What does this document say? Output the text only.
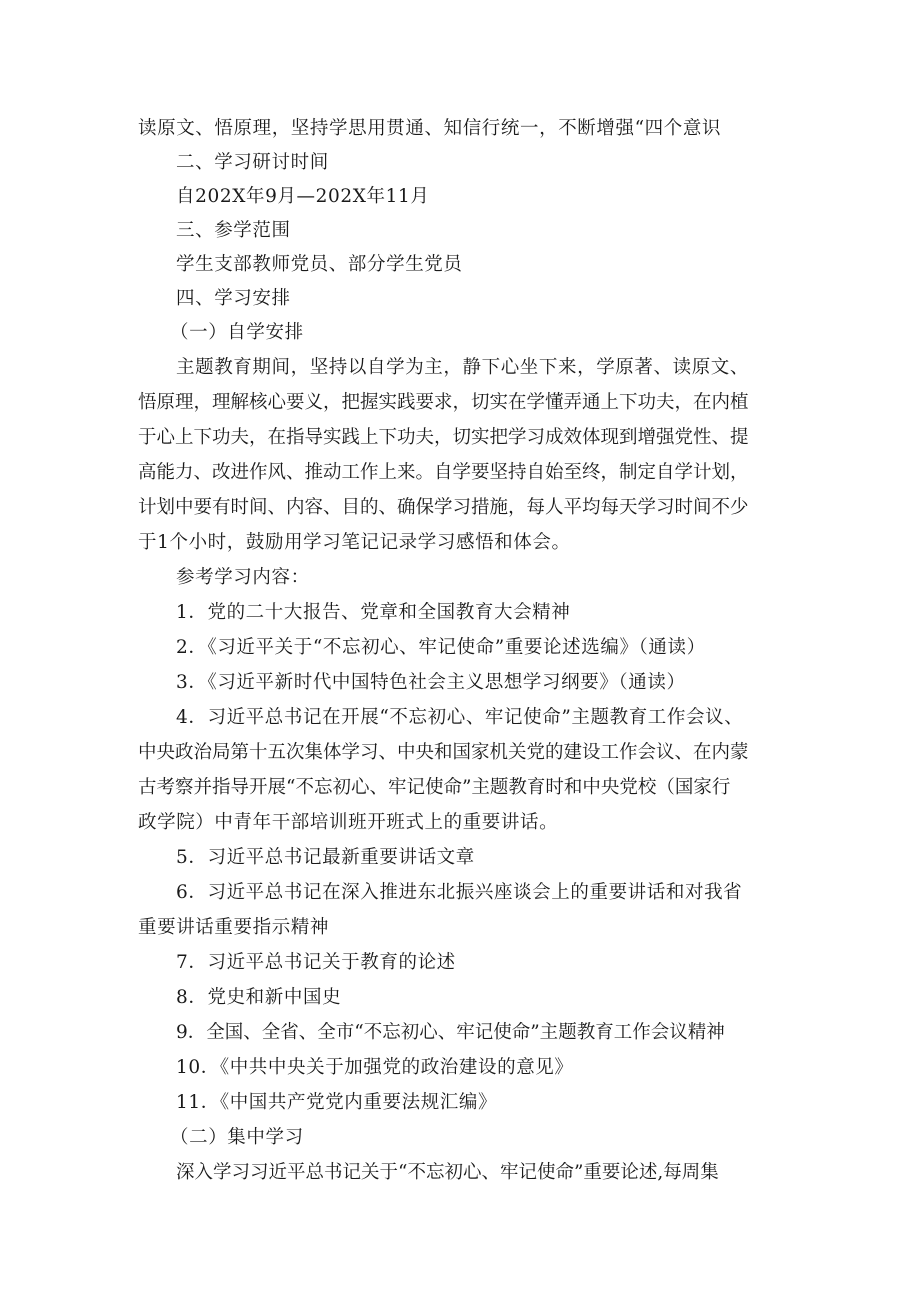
读原文、悟原理，坚持学思用贯通、知信行统一，不断增强“四个意识
二、学习研讨时间
自202X年9月—202X年11月
三、参学范围
学生支部教师党员、部分学生党员
四、学习安排
（一）自学安排
主题教育期间，坚持以自学为主，静下心坐下来，学原著、读原文、
悟原理，理解核心要义，把握实践要求，切实在学懂弄通上下功夫，在内植
于心上下功夫，在指导实践上下功夫，切实把学习成效体现到增强党性、提
高能力、改进作风、推动工作上来。自学要坚持自始至终，制定自学计划，
计划中要有时间、内容、目的、确保学习措施，每人平均每天学习时间不少
于1个小时，鼓励用学习笔记记录学习感悟和体会。
参考学习内容：
1．党的二十大报告、党章和全国教育大会精神
2．《习近平关于“不忘初心、牢记使命”重要论述选编》（通读）
3．《习近平新时代中国特色社会主义思想学习纲要》（通读）
4．习近平总书记在开展“不忘初心、牢记使命”主题教育工作会议、
中央政治局第十五次集体学习、中央和国家机关党的建设工作会议、在内蒙
古考察并指导开展“不忘初心、牢记使命”主题教育时和中央党校（国家行
政学院）中青年干部培训班开班式上的重要讲话。
5．习近平总书记最新重要讲话文章
6．习近平总书记在深入推进东北振兴座谈会上的重要讲话和对我省
重要讲话重要指示精神
7．习近平总书记关于教育的论述
8．党史和新中国史
9．全国、全省、全市“不忘初心、牢记使命”主题教育工作会议精神
10．《中共中央关于加强党的政治建设的意见》
11．《中国共产党党内重要法规汇编》
（二）集中学习
深入学习习近平总书记关于“不忘初心、牢记使命”重要论述,每周集
